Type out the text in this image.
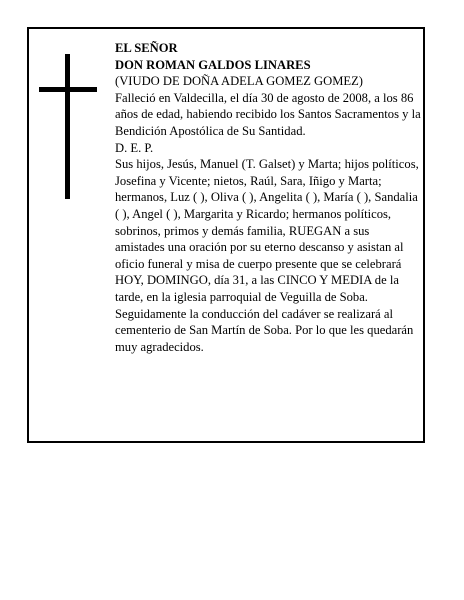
EL SEÑOR
DON ROMAN GALDOS LINARES
(VIUDO DE DOÑA ADELA GOMEZ GOMEZ)
Falleció en Valdecilla, el día 30 de agosto de 2008, a los 86 años de edad, habiendo recibido los Santos Sacramentos y la Bendición Apostólica de Su Santidad.
D. E. P.
Sus hijos, Jesús, Manuel (T. Galset) y Marta; hijos políticos, Josefina y Vicente; nietos, Raúl, Sara, Iñigo y Marta; hermanos, Luz ( ), Oliva ( ), Angelita ( ), María ( ), Sandalia ( ), Angel ( ), Margarita y Ricardo; hermanos políticos, sobrinos, primos y demás familia, RUEGAN a sus amistades una oración por su eterno descanso y asistan al oficio funeral y misa de cuerpo presente que se celebrará HOY, DOMINGO, día 31, a las CINCO Y MEDIA de la tarde, en la iglesia parroquial de Veguilla de Soba. Seguidamente la conducción del cadáver se realizará al cementerio de San Martín de Soba. Por lo que les quedarán muy agradecidos.
